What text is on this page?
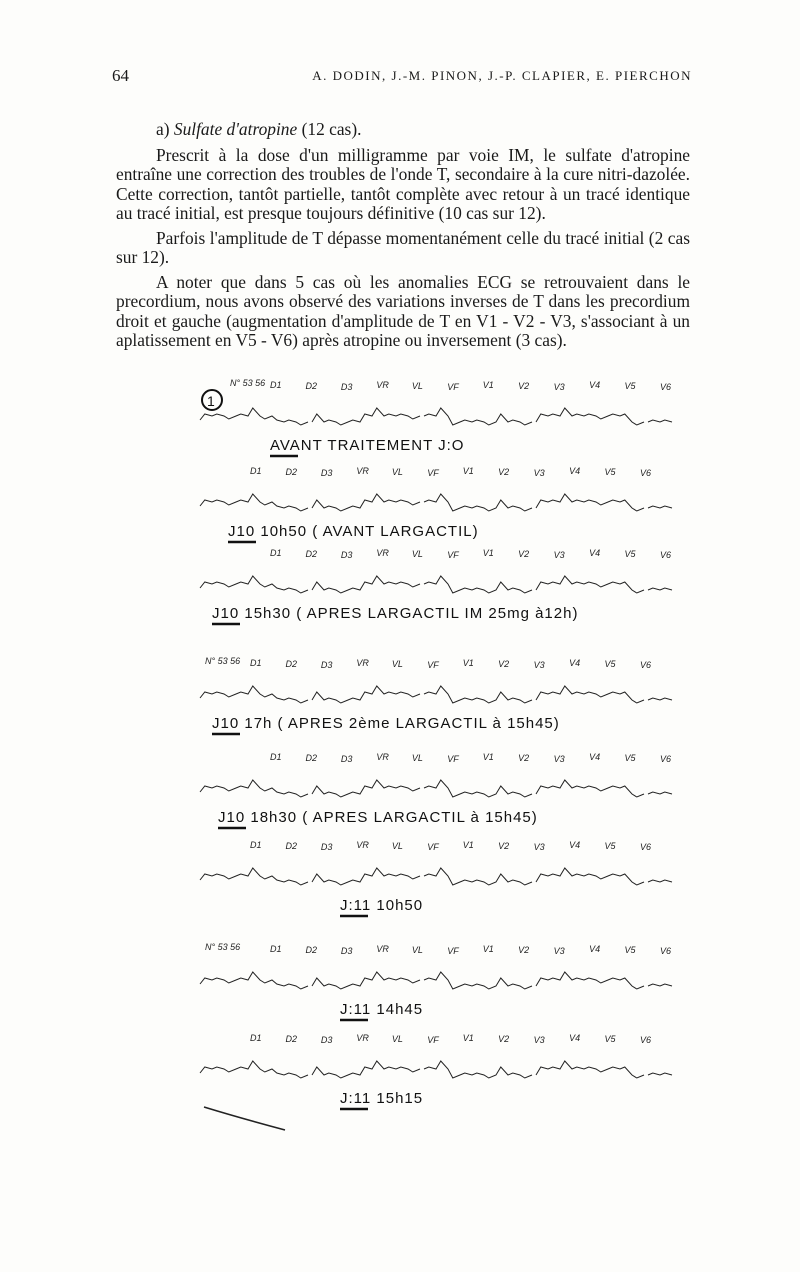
64	A. DODIN, J.-M. PINON, J.-P. CLAPIER, E. PIERCHON

a) Sulfate d'atropine (12 cas).

Prescrit à la dose d'un milligramme par voie IM, le sulfate d'atropine entraîne une correction des troubles de l'onde T, secondaire à la cure nitri-dazolée. Cette correction, tantôt partielle, tantôt complète avec retour à un tracé identique au tracé initial, est presque toujours définitive (10 cas sur 12).

Parfois l'amplitude de T dépasse momentanément celle du tracé initial (2 cas sur 12).

A noter que dans 5 cas où les anomalies ECG se retrouvaient dans le precordium, nous avons observé des variations inverses de T dans les precordium droit et gauche (augmentation d'amplitude de T en V1 - V2 - V3, s'associant à un aplatissement en V5 - V6) après atropine ou inversement (3 cas).

1
D1	D2	D3	VR	VL	VF	V1	V2	V3	V4	V5	V6
N° 53 56
AVANT TRAITEMENT J:O
D1	D2	D3	VR	VL	VF	V1	V2	V3	V4	V5	V6
J10 10h50 ( AVANT LARGACTIL)
D1	D2	D3	VR	VL	VF	V1	V2	V3	V4	V5	V6
J10 15h30 ( APRES LARGACTIL IM 25mg à12h)
D1	D2	D3	VR	VL	VF	V1	V2	V3	V4	V5	V6
N° 53 56
J10 17h ( APRES 2ème LARGACTIL à 15h45)
D1	D2	D3	VR	VL	VF	V1	V2	V3	V4	V5	V6
J10 18h30 ( APRES LARGACTIL à 15h45)
D1	D2	D3	VR	VL	VF	V1	V2	V3	V4	V5	V6
J:11 10h50
D1	D2	D3	VR	VL	VF	V1	V2	V3	V4	V5	V6
N° 53 56
J:11 14h45
D1	D2	D3	VR	VL	VF	V1	V2	V3	V4	V5	V6
J:11 15h15
